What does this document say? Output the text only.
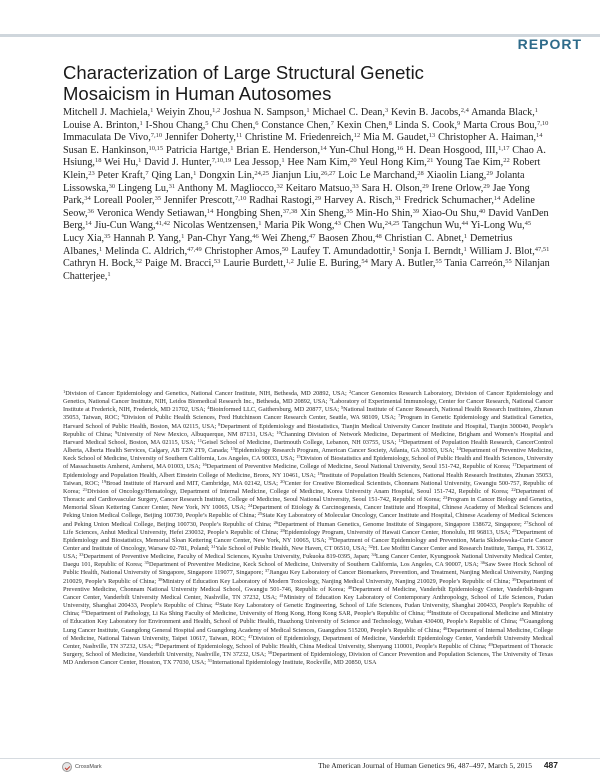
REPORT
Characterization of Large Structural Genetic Mosaicism in Human Autosomes

Mitchell J. Machiela,$^1$ Weiyin Zhou,$^{1,2}$ Joshua N. Sampson,$^1$ Michael C. Dean,$^3$ Kevin B. Jacobs,$^{2,4}$ Amanda Black,$^1$ Louise A. Brinton,$^1$ I-Shou Chang,$^5$ Chu Chen,$^6$ Constance Chen,$^7$ Kexin Chen,$^8$ Linda S. Cook,$^9$ Marta Crous Bou,$^{7,10}$ Immaculata De Vivo,$^{7,10}$ Jennifer Doherty,$^{11}$ Christine M. Friedenreich,$^{12}$ Mia M. Gaudet,$^{13}$ Christopher A. Haiman,$^{14}$ Susan E. Hankinson,$^{10,15}$ Patricia Hartge,$^1$ Brian E. Henderson,$^{14}$ Yun-Chul Hong,$^{16}$ H. Dean Hosgood, III,$^{1,17}$ Chao A. Hsiung,$^{18}$ Wei Hu,$^1$ David J. Hunter,$^{7,10,19}$ Lea Jessop,$^1$ Hee Nam Kim,$^{20}$ Yeul Hong Kim,$^{21}$ Young Tae Kim,$^{22}$ Robert Klein,$^{23}$ Peter Kraft,$^7$ Qing Lan,$^1$ Dongxin Lin,$^{24,25}$ Jianjun Liu,$^{26,27}$ Loic Le Marchand,$^{28}$ Xiaolin Liang,$^{29}$ Jolanta Lissowska,$^{30}$ Lingeng Lu,$^{31}$ Anthony M. Magliocco,$^{32}$ Keitaro Matsuo,$^{33}$ Sara H. Olson,$^{29}$ Irene Orlow,$^{29}$ Jae Yong Park,$^{34}$ Loreall Pooler,$^{35}$ Jennifer Prescott,$^{7,10}$ Radhai Rastogi,$^{29}$ Harvey A. Risch,$^{31}$ Fredrick Schumacher,$^{14}$ Adeline Seow,$^{36}$ Veronica Wendy Setiawan,$^{14}$ Hongbing Shen,$^{37,38}$ Xin Sheng,$^{35}$ Min-Ho Shin,$^{39}$ Xiao-Ou Shu,$^{40}$ David VanDen Berg,$^{14}$ Jiu-Cun Wang,$^{41,42}$ Nicolas Wentzensen,$^1$ Maria Pik Wong,$^{43}$ Chen Wu,$^{24,25}$ Tangchun Wu,$^{44}$ Yi-Long Wu,$^{45}$ Lucy Xia,$^{35}$ Hannah P. Yang,$^1$ Pan-Chyr Yang,$^{46}$ Wei Zheng,$^{47}$ Baosen Zhou,$^{48}$ Christian C. Abnet,$^1$ Demetrius Albanes,$^1$ Melinda C. Aldrich,$^{47,49}$ Christopher Amos,$^{50}$ Laufey T. Amundadottir,$^1$ Sonja I. Berndt,$^1$ William J. Blot,$^{47,51}$ Cathryn H. Bock,$^{52}$ Paige M. Bracci,$^{53}$ Laurie Burdett,$^{1,2}$ Julie E. Buring,$^{54}$ Mary A. Butler,$^{55}$ Tania Carreón,$^{55}$ Nilanjan Chatterjee,$^1$

$^1$Division of Cancer Epidemiology and Genetics, National Cancer Institute, NIH, Bethesda, MD 20892, USA; $^2$Cancer Genomics Research Laboratory, Division of Cancer Epidemiology and Genetics, National Cancer Institute, NIH, Leidos Biomedical Research Inc., Bethesda, MD 20892, USA; $^3$Laboratory of Experimental Immunology, Center for Cancer Research, National Cancer Institute at Frederick, NIH, Frederick, MD 21702, USA; $^4$Bioinformed LLC, Gaithersburg, MD 20877, USA; $^5$National Institute of Cancer Research, National Health Research Institutes, Zhunan 35053, Taiwan, ROC; $^6$Division of Public Health Sciences, Fred Hutchinson Cancer Research Center, Seattle, WA 98109, USA; $^7$Program in Genetic Epidemiology and Statistical Genetics, Harvard School of Public Health, Boston, MA 02115, USA; $^8$Department of Epidemiology and Biostatistics, Tianjin Medical University Cancer Institute and Hospital, Tianjin 300040, People’s Republic of China; $^9$University of New Mexico, Albuquerque, NM 87131, USA; $^{10}$Channing Division of Network Medicine, Department of Medicine, Brigham and Women’s Hospital and Harvard Medical School, Boston, MA 02115, USA; $^{11}$Geisel School of Medicine, Dartmouth College, Lebanon, NH 03755, USA; $^{12}$Department of Population Health Research, CancerControl Alberta, Alberta Health Services, Calgary, AB T2N 2T9, Canada; $^{13}$Epidemiology Research Program, American Cancer Society, Atlanta, GA 30303, USA; $^{14}$Department of Preventive Medicine, Keck School of Medicine, University of Southern California, Los Angeles, CA 90033, USA; $^{15}$Division of Biostatistics and Epidemiology, School of Public Health and Health Sciences, University of Massachusetts Amherst, Amherst, MA 01003, USA; $^{16}$Department of Preventive Medicine, College of Medicine, Seoul National University, Seoul 151-742, Republic of Korea; $^{17}$Department of Epidemiology and Population Health, Albert Einstein College of Medicine, Bronx, NY 10461, USA; $^{18}$Institute of Population Health Sciences, National Health Research Institutes, Zhunan 35053, Taiwan, ROC; $^{19}$Broad Institute of Harvard and MIT, Cambridge, MA 02142, USA; $^{20}$Center for Creative Biomedical Scientists, Chonnam National University, Gwangju 500-757, Republic of Korea; $^{21}$Division of Oncology/Hematology, Department of Internal Medicine, College of Medicine, Korea University Anam Hospital, Seoul 151-742, Republic of Korea; $^{22}$Department of Thoracic and Cardiovascular Surgery, Cancer Research Institute, College of Medicine, Seoul National University, Seoul 151-742, Republic of Korea; $^{23}$Program in Cancer Biology and Genetics, Memorial Sloan Kettering Cancer Center, New York, NY 10065, USA; $^{24}$Department of Etiology & Carcinogenesis, Cancer Institute and Hospital, Chinese Academy of Medical Sciences and Peking Union Medical College, Beijing 100730, People’s Republic of China; $^{25}$State Key Laboratory of Molecular Oncology, Cancer Institute and Hospital, Chinese Academy of Medical Sciences and Peking Union Medical College, Beijing 100730, People’s Republic of China; $^{26}$Department of Human Genetics, Genome Institute of Singapore, Singapore 138672, Singapore; $^{27}$School of Life Sciences, Anhui Medical University, Hefei 230032, People’s Republic of China; $^{28}$Epidemiology Program, University of Hawaii Cancer Center, Honolulu, HI 96813, USA; $^{29}$Department of Epidemiology and Biostatistics, Memorial Sloan Kettering Cancer Center, New York, NY 10065, USA; $^{30}$Department of Cancer Epidemiology and Prevention, Maria Sklodowska-Curie Cancer Center and Institute of Oncology, Warsaw 02-781, Poland; $^{31}$Yale School of Public Health, New Haven, CT 06510, USA; $^{32}$H. Lee Moffitt Cancer Center and Research Institute, Tampa, FL 33612, USA; $^{33}$Department of Preventive Medicine, Faculty of Medical Sciences, Kyushu University, Fukuoka 819-0395, Japan; $^{34}$Lung Cancer Center, Kyungpook National University Medical Center, Daegu 101, Republic of Korea; $^{35}$Department of Preventive Medicine, Keck School of Medicine, University of Southern California, Los Angeles, CA 90007, USA; $^{36}$Saw Swee Hock School of Public Health, National University of Singapore, Singapore 119077, Singapore; $^{37}$Jiangsu Key Laboratory of Cancer Biomarkers, Prevention, and Treatment, Nanjing Medical University, Nanjing 210029, People’s Republic of China; $^{38}$Ministry of Education Key Laboratory of Modern Toxicology, Nanjing Medical University, Nanjing 210029, People’s Republic of China; $^{39}$Department of Preventive Medicine, Chonnam National University Medical School, Gwangju 501-746, Republic of Korea; $^{40}$Department of Medicine, Vanderbilt Epidemiology Center, Vanderbilt-Ingram Cancer Center, Vanderbilt University Medical Center, Nashville, TN 37232, USA; $^{41}$Ministry of Education Key Laboratory of Contemporary Anthropology, School of Life Sciences, Fudan University, Shanghai 200433, People’s Republic of China; $^{42}$State Key Laboratory of Genetic Engineering, School of Life Sciences, Fudan University, Shanghai 200433, People’s Republic of China; $^{43}$Department of Pathology, Li Ka Shing Faculty of Medicine, University of Hong Kong, Hong Kong SAR, People’s Republic of China; $^{44}$Institute of Occupational Medicine and Ministry of Education Key Laboratory for Environment and Health, School of Public Health, Huazhong University of Science and Technology, Wuhan 430400, People’s Republic of China; $^{45}$Guangdong Lung Cancer Institute, Guangdong General Hospital and Guangdong Academy of Medical Sciences, Guangzhou 515200, People’s Republic of China; $^{46}$Department of Internal Medicine, College of Medicine, National Taiwan University, Taipei 10617, Taiwan, ROC; $^{47}$Division of Epidemiology, Department of Medicine, Vanderbilt Epidemiology Center, Vanderbilt University Medical Center, Nashville, TN 37232, USA; $^{48}$Department of Epidemiology, School of Public Health, China Medical University, Shenyang 110001, People’s Republic of China; $^{49}$Department of Thoracic Surgery, School of Medicine, Vanderbilt University, Nashville, TN 37232, USA; $^{50}$Department of Epidemiology, Division of Cancer Prevention and Population Sciences, The University of Texas MD Anderson Cancer Center, Houston, TX 77030, USA; $^{51}$International Epidemiology Institute, Rockville, MD 20850, USA

CrossMark	The American Journal of Human Genetics 96, 487–497, March 5, 2015 487
